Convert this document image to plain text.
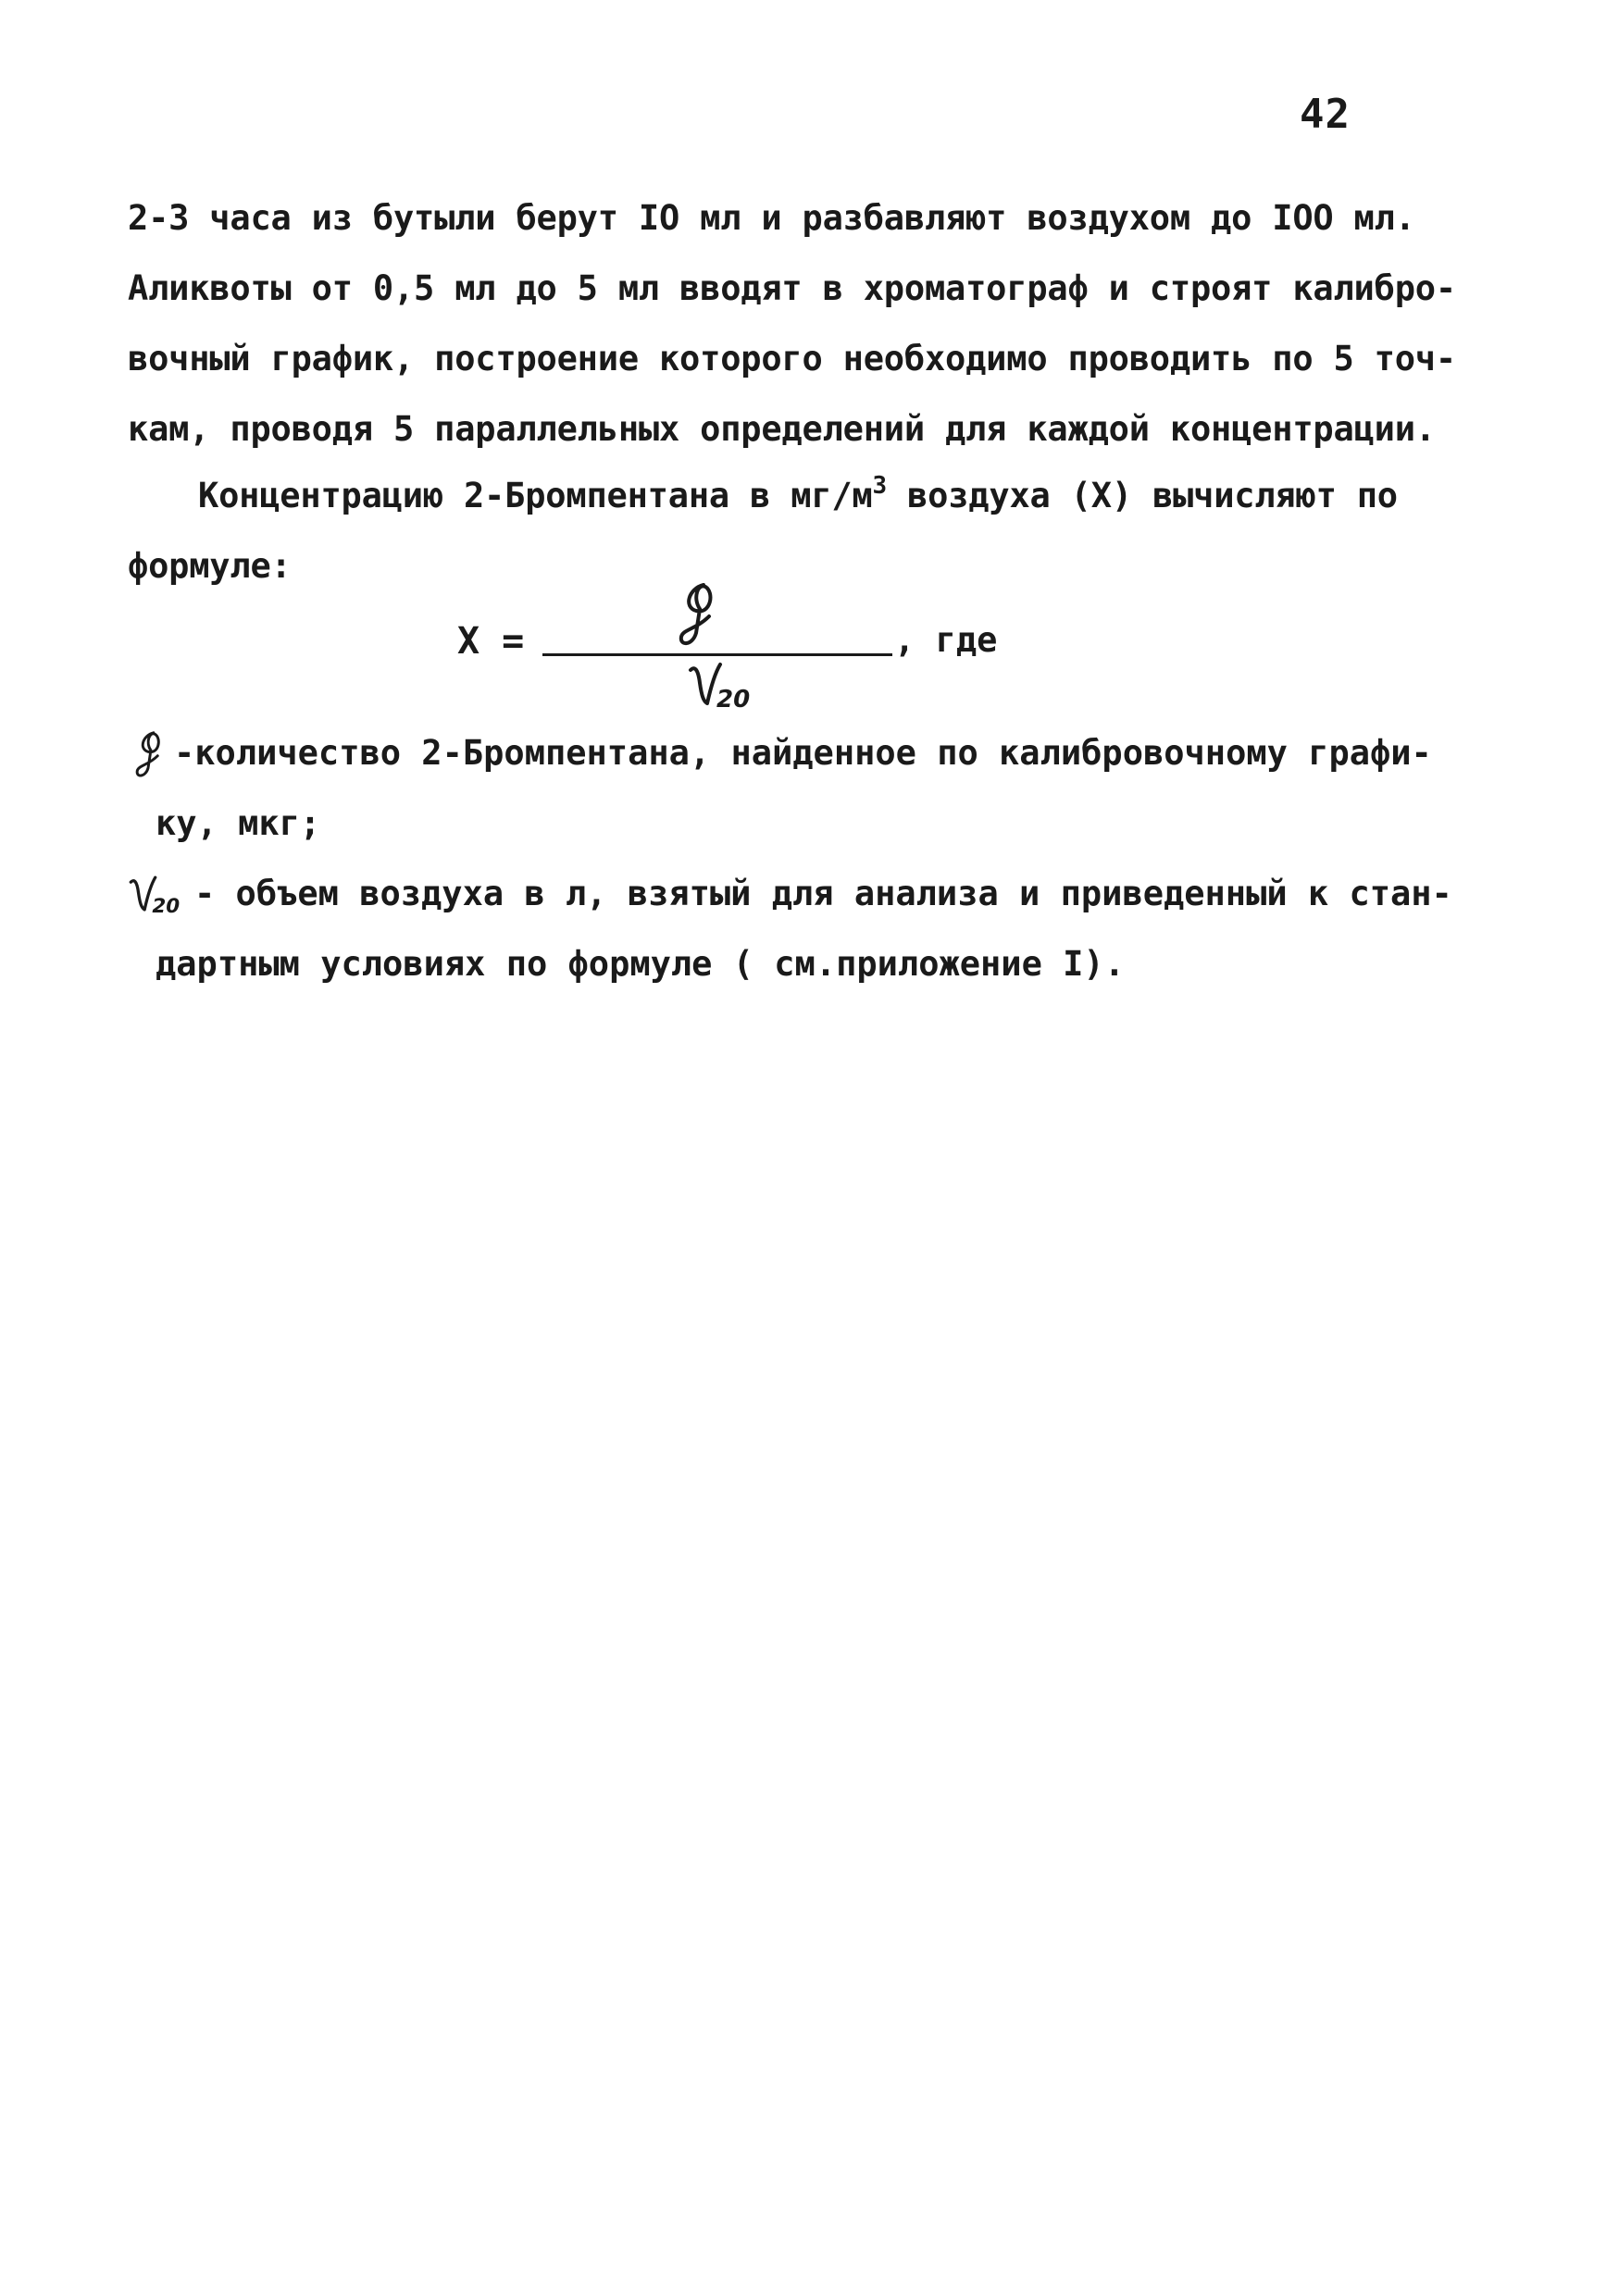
42
2-3 часа из бутыли берут IO мл и разбавляют воздухом до IOO мл.
Аликвоты от 0,5 мл до 5 мл вводят в хроматограф и строят калибро-
вочный график, построение которого необходимо проводить по 5 точ-
кам, проводя 5 параллельных определений для каждой концентрации.
Концентрацию 2-Бромпентана в $мг/м^3$ воздуха (X) вычисляют по
формуле:
X =
20
, где
-количество 2-Бромпентана, найденное по калибровочному графи-
ку, мкг;
20 - объем воздуха в л, взятый для анализа и приведенный к стан-
дартным условиях по формуле ( см.приложение I).
